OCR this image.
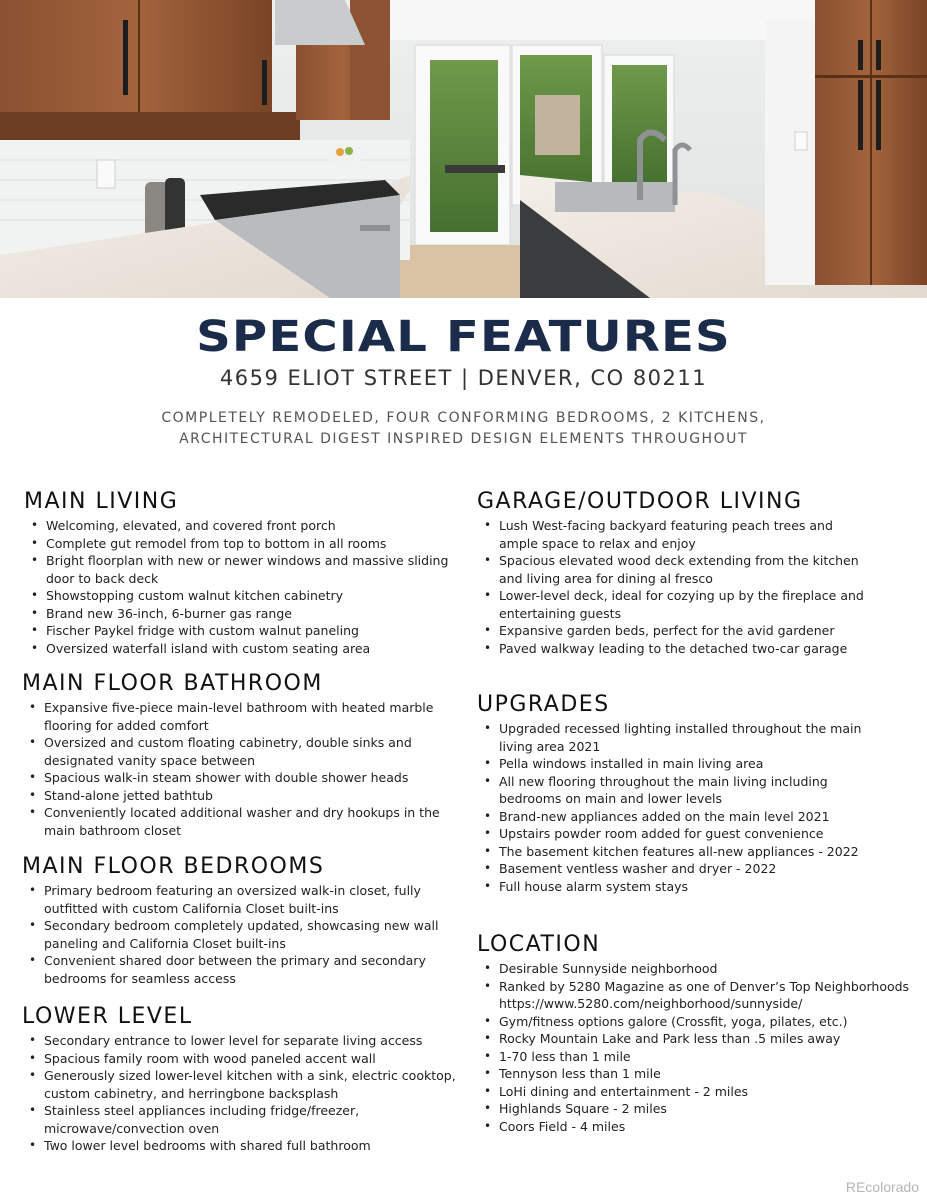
SPECIAL FEATURES
4659 ELIOT STREET | DENVER, CO 80211
COMPLETELY REMODELED, FOUR CONFORMING BEDROOMS, 2 KITCHENS,
ARCHITECTURAL DIGEST INSPIRED DESIGN ELEMENTS THROUGHOUT
MAIN LIVING
• Welcoming, elevated, and covered front porch
• Complete gut remodel from top to bottom in all rooms
• Bright floorplan with new or newer windows and massive sliding
door to back deck
• Showstopping custom walnut kitchen cabinetry
• Brand new 36-inch, 6-burner gas range
• Fischer Paykel fridge with custom walnut paneling
• Oversized waterfall island with custom seating area
MAIN FLOOR BATHROOM
• Expansive five-piece main-level bathroom with heated marble
flooring for added comfort
• Oversized and custom floating cabinetry, double sinks and
designated vanity space between
• Spacious walk-in steam shower with double shower heads
• Stand-alone jetted bathtub
• Conveniently located additional washer and dry hookups in the
main bathroom closet
MAIN FLOOR BEDROOMS
• Primary bedroom featuring an oversized walk-in closet, fully
outfitted with custom California Closet built-ins
• Secondary bedroom completely updated, showcasing new wall
paneling and California Closet built-ins
• Convenient shared door between the primary and secondary
bedrooms for seamless access
LOWER LEVEL
• Secondary entrance to lower level for separate living access
• Spacious family room with wood paneled accent wall
• Generously sized lower-level kitchen with a sink, electric cooktop,
custom cabinetry, and herringbone backsplash
• Stainless steel appliances including fridge/freezer,
microwave/convection oven
• Two lower level bedrooms with shared full bathroom
GARAGE/OUTDOOR LIVING
• Lush West-facing backyard featuring peach trees and
ample space to relax and enjoy
• Spacious elevated wood deck extending from the kitchen
and living area for dining al fresco
• Lower-level deck, ideal for cozying up by the fireplace and
entertaining guests
• Expansive garden beds, perfect for the avid gardener
• Paved walkway leading to the detached two-car garage
UPGRADES
• Upgraded recessed lighting installed throughout the main
living area 2021
• Pella windows installed in main living area
• All new flooring throughout the main living including
bedrooms on main and lower levels
• Brand-new appliances added on the main level 2021
• Upstairs powder room added for guest convenience
• The basement kitchen features all-new appliances - 2022
• Basement ventless washer and dryer - 2022
• Full house alarm system stays
LOCATION
• Desirable Sunnyside neighborhood
• Ranked by 5280 Magazine as one of Denver’s Top Neighborhoods
https://www.5280.com/neighborhood/sunnyside/
• Gym/fitness options galore (Crossfit, yoga, pilates, etc.)
• Rocky Mountain Lake and Park less than .5 miles away
• 1-70 less than 1 mile
• Tennyson less than 1 mile
• LoHi dining and entertainment - 2 miles
• Highlands Square - 2 miles
• Coors Field - 4 miles
REcolorado
